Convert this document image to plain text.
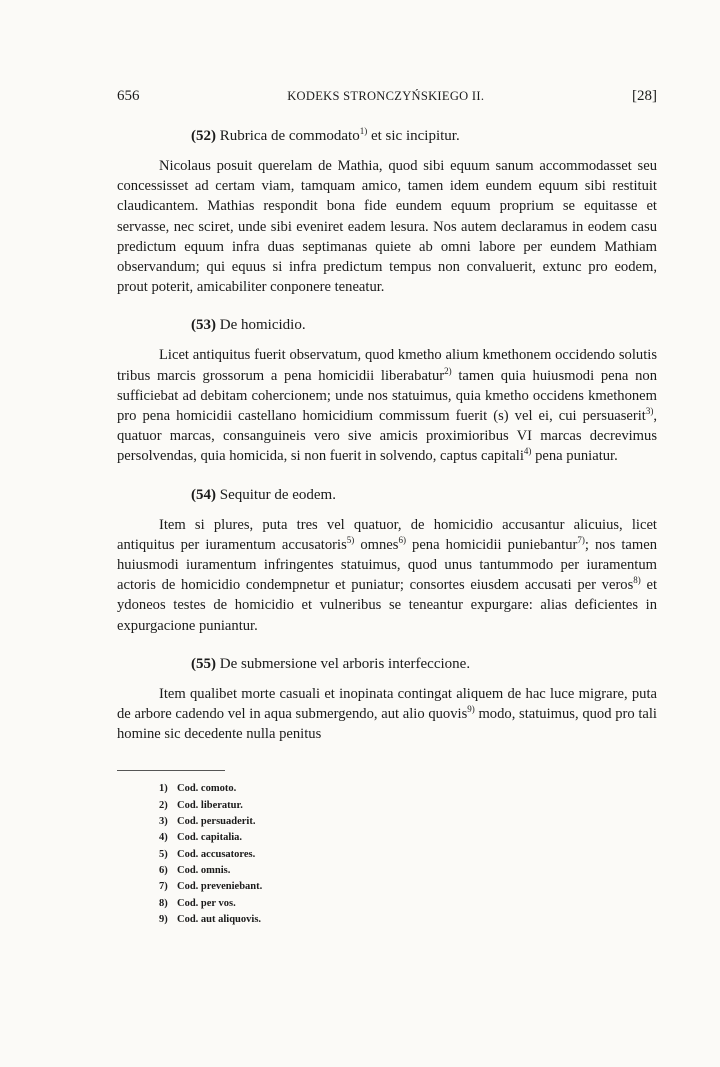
656	KODEKS STRONCZYŃSKIEGO II.	[28]
(52) Rubrica de commodato$^{1)}$ et sic incipitur.

Nicolaus posuit querelam de Mathia, quod sibi equum sanum accommodasset seu concessisset ad certam viam, tamquam amico, tamen idem eundem equum sibi restituit claudicantem. Mathias respondit bona fide eundem equum proprium se equitasse et servasse, nec sciret, unde sibi eveniret eadem lesura. Nos autem declaramus in eodem casu predictum equum infra duas septimanas quiete ab omni labore per eundem Mathiam observandum; qui equus si infra predictum tempus non convaluerit, extunc pro eodem, prout poterit, amicabiliter conponere teneatur.

(53) De homicidio.

Licet antiquitus fuerit observatum, quod kmetho alium kmethonem occidendo solutis tribus marcis grossorum a pena homicidii liberabatur$^{2)}$ tamen quia huiusmodi pena non sufficiebat ad debitam cohercionem; unde nos statuimus, quia kmetho occidens kmethonem pro pena homicidii castellano homicidium commissum fuerit (s) vel ei, cui persuaserit$^{3)}$, quatuor marcas, consanguineis vero sive amicis proximioribus VI marcas decrevimus persolvendas, quia homicida, si non fuerit in solvendo, captus capitali$^{4)}$ pena puniatur.

(54) Sequitur de eodem.

Item si plures, puta tres vel quatuor, de homicidio accusantur alicuius, licet antiquitus per iuramentum accusatoris$^{5)}$ omnes$^{6)}$ pena homicidii puniebantur$^{7)}$; nos tamen huiusmodi iuramentum infringentes statuimus, quod unus tantummodo per iuramentum actoris de homicidio condempnetur et puniatur; consortes eiusdem accusati per veros$^{8)}$ et ydoneos testes de homicidio et vulneribus se teneantur expurgare: alias deficientes in expurgacione puniantur.

(55) De submersione vel arboris interfeccione.

Item qualibet morte casuali et inopinata contingat aliquem de hac luce migrare, puta de arbore cadendo vel in aqua submergendo, aut alio quovis$^{9)}$ modo, statuimus, quod pro tali homine sic decedente nulla penitus

1) Cod. comoto.
2) Cod. liberatur.
3) Cod. persuaderit.
4) Cod. capitalia.
5) Cod. accusatores.
6) Cod. omnis.
7) Cod. preveniebant.
8) Cod. per vos.
9) Cod. aut aliquovis.
